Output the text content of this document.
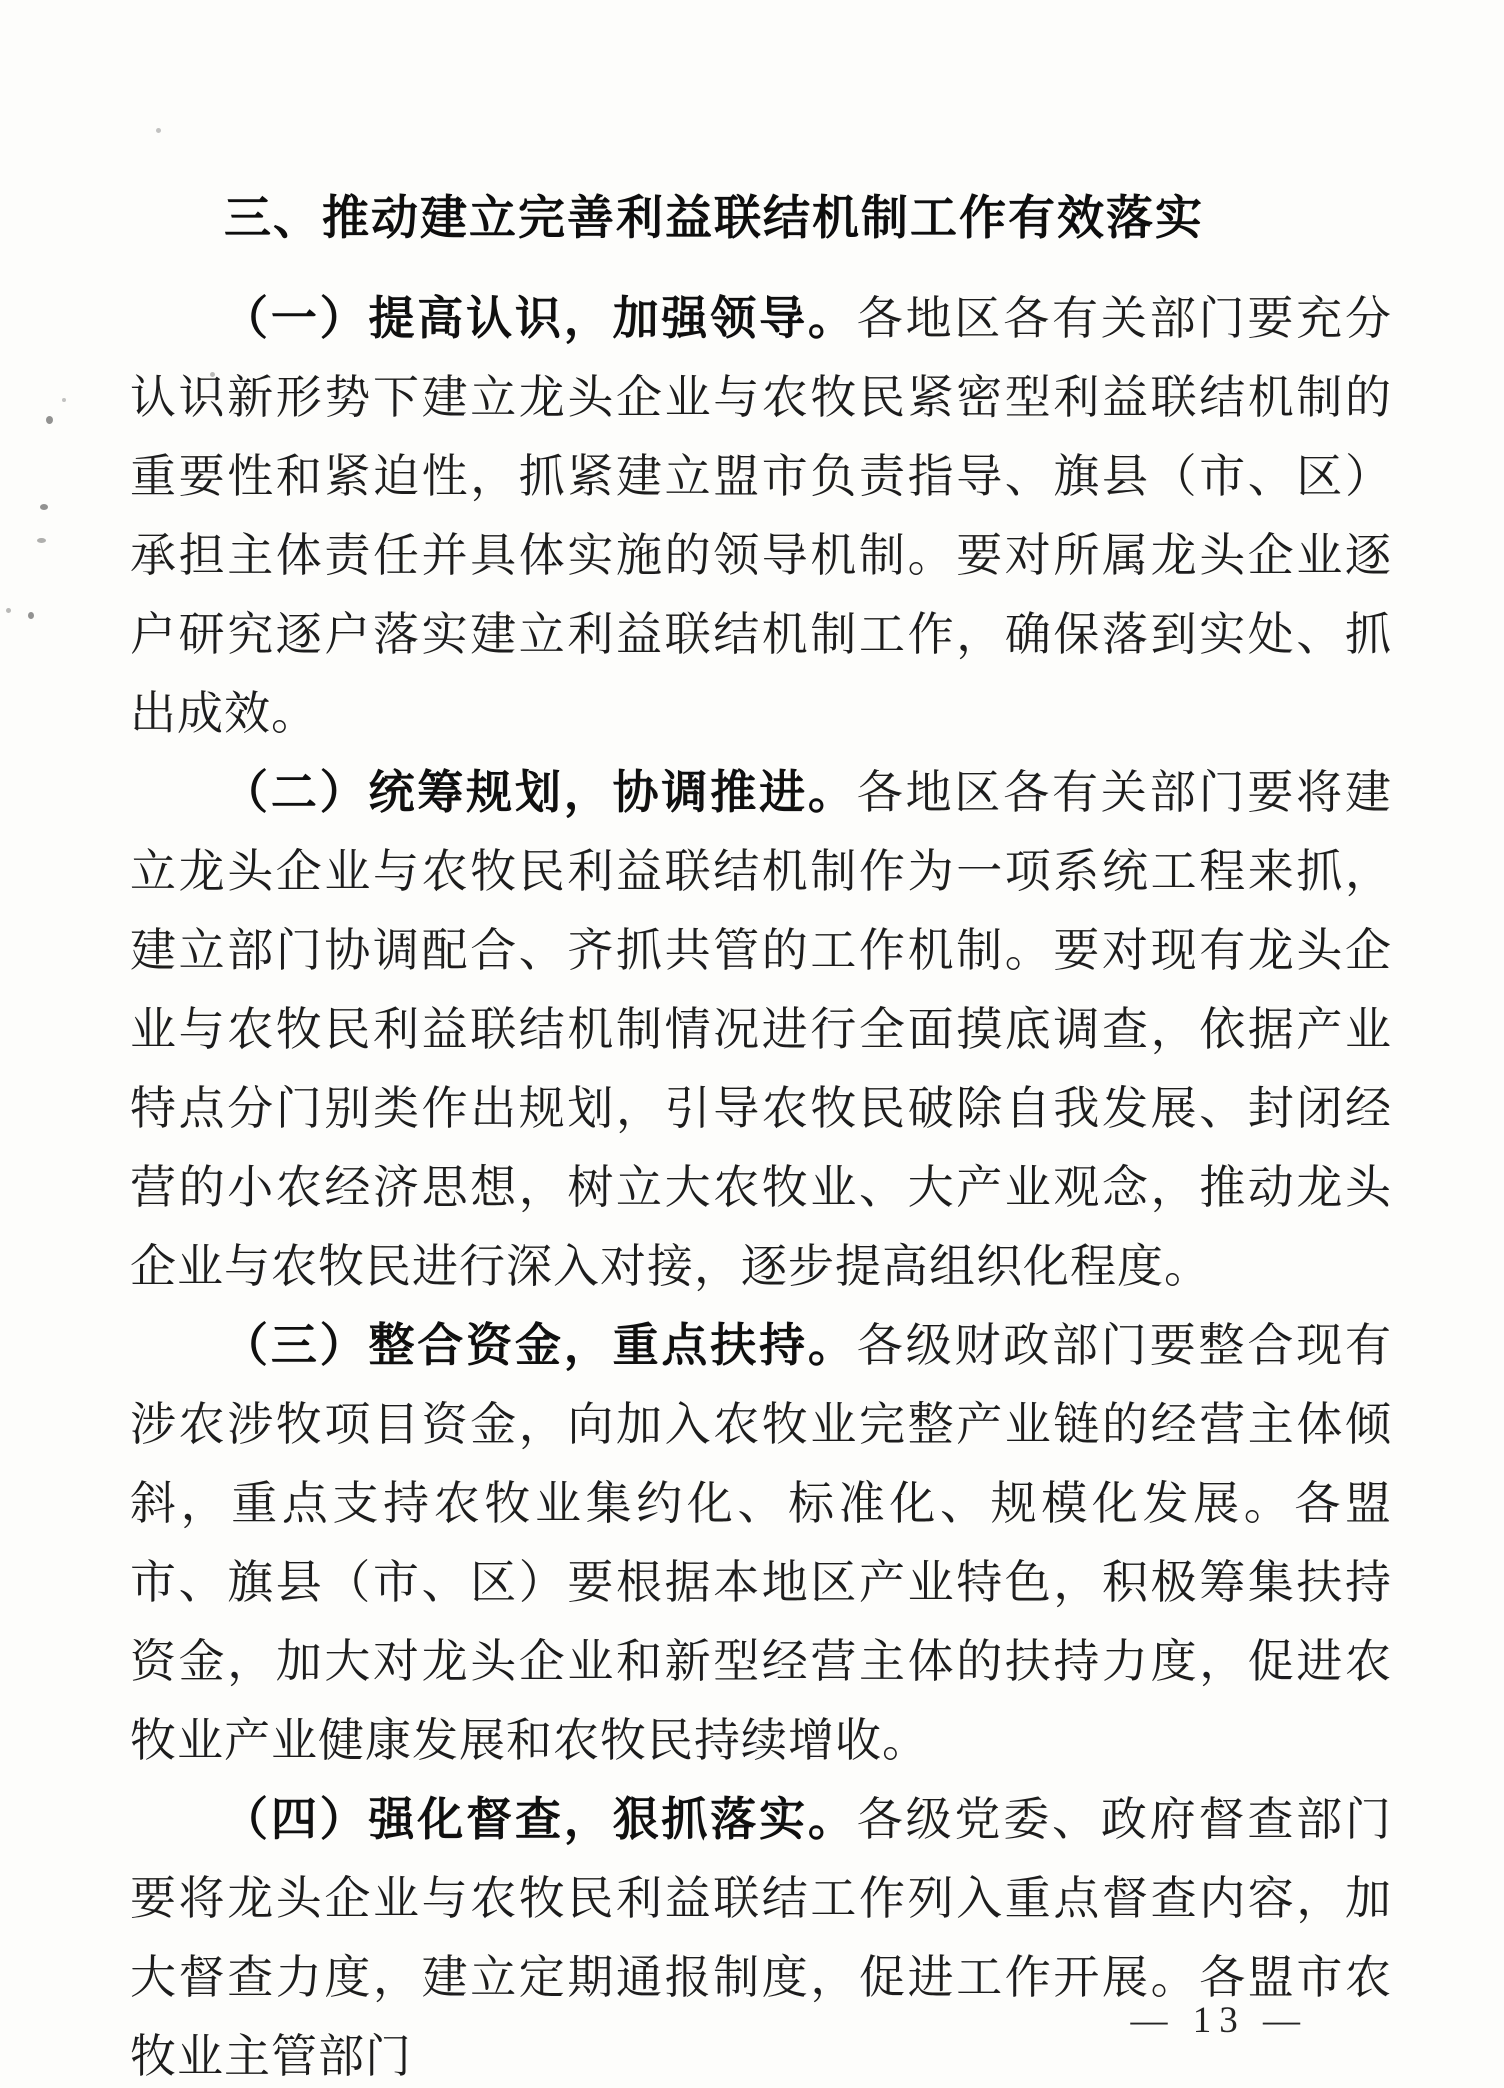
三、推动建立完善利益联结机制工作有效落实

（一）提高认识，加强领导。各地区各有关部门要充分认识新形势下建立龙头企业与农牧民紧密型利益联结机制的重要性和紧迫性，抓紧建立盟市负责指导、旗县（市、区）承担主体责任并具体实施的领导机制。要对所属龙头企业逐户研究逐户落实建立利益联结机制工作，确保落到实处、抓出成效。

（二）统筹规划，协调推进。各地区各有关部门要将建立龙头企业与农牧民利益联结机制作为一项系统工程来抓，建立部门协调配合、齐抓共管的工作机制。要对现有龙头企业与农牧民利益联结机制情况进行全面摸底调查，依据产业特点分门别类作出规划，引导农牧民破除自我发展、封闭经营的小农经济思想，树立大农牧业、大产业观念，推动龙头企业与农牧民进行深入对接，逐步提高组织化程度。

（三）整合资金，重点扶持。各级财政部门要整合现有涉农涉牧项目资金，向加入农牧业完整产业链的经营主体倾斜，重点支持农牧业集约化、标准化、规模化发展。各盟市、旗县（市、区）要根据本地区产业特色，积极筹集扶持资金，加大对龙头企业和新型经营主体的扶持力度，促进农牧业产业健康发展和农牧民持续增收。

（四）强化督查，狠抓落实。各级党委、政府督查部门要将龙头企业与农牧民利益联结工作列入重点督查内容，加大督查力度，建立定期通报制度，促进工作开展。各盟市农牧业主管部门

— 13 —
